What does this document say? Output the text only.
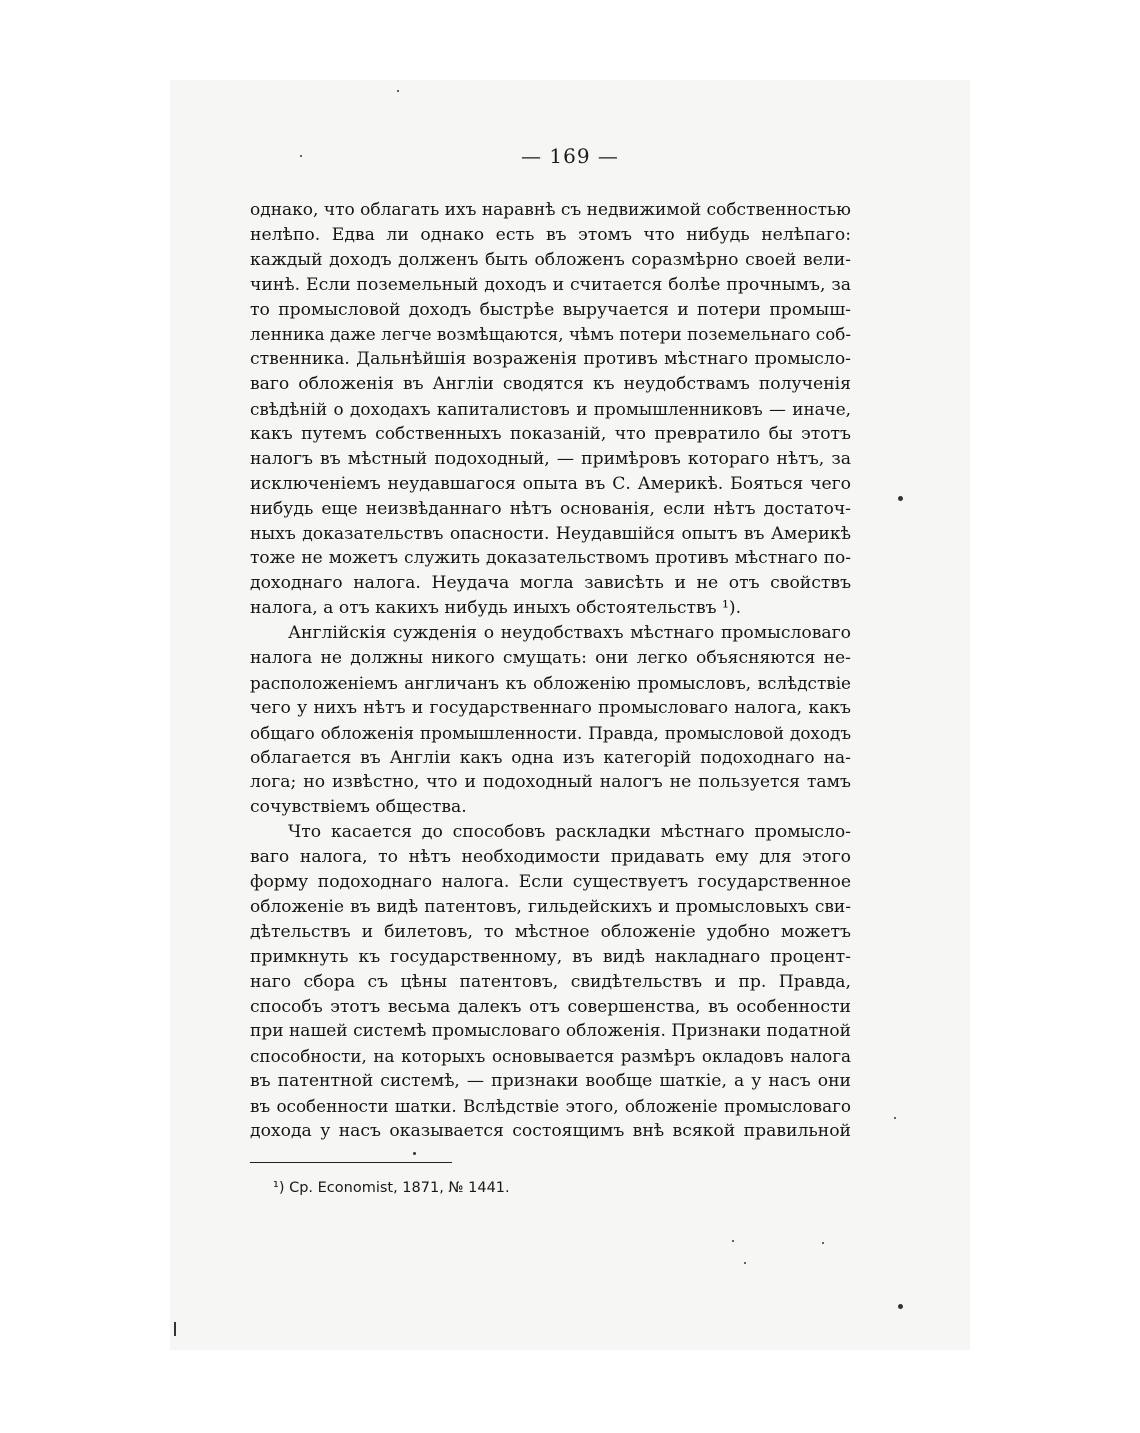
— 169 —
однако, что облагать ихъ наравнѣ съ недвижимой собственностью
нелѣпо. Едва ли однако есть въ этомъ что нибудь нелѣпаго:
каждый доходъ долженъ быть обложенъ соразмѣрно своей вели-
чинѣ. Если поземельный доходъ и считается болѣе прочнымъ, за
то промысловой доходъ быстрѣе выручается и потери промыш-
ленника даже легче возмѣщаются, чѣмъ потери поземельнаго соб-
ственника. Дальнѣйшія возраженія противъ мѣстнаго промысло-
ваго обложенія въ Англіи сводятся къ неудобствамъ полученія
свѣдѣній о доходахъ капиталистовъ и промышленниковъ — иначе,
какъ путемъ собственныхъ показаній, что превратило бы этотъ
налогъ въ мѣстный подоходный, — примѣровъ котораго нѣтъ, за
исключеніемъ неудавшагося опыта въ С. Америкѣ. Бояться чего
нибудь еще неизвѣданнаго нѣтъ основанія, если нѣтъ достаточ-
ныхъ доказательствъ опасности. Неудавшійся опытъ въ Америкѣ
тоже не можетъ служить доказательствомъ противъ мѣстнаго по-
доходнаго налога. Неудача могла зависѣть и не отъ свойствъ
налога, а отъ какихъ нибудь иныхъ обстоятельствъ ¹).
Англійскія сужденія о неудобствахъ мѣстнаго промысловаго
налога не должны никого смущать: они легко объясняются не-
расположеніемъ англичанъ къ обложенію промысловъ, вслѣдствіе
чего у нихъ нѣтъ и государственнаго промысловаго налога, какъ
общаго обложенія промышленности. Правда, промысловой доходъ
облагается въ Англіи какъ одна изъ категорій подоходнаго на-
лога; но извѣстно, что и подоходный налогъ не пользуется тамъ
сочувствіемъ общества.
Что касается до способовъ раскладки мѣстнаго промысло-
ваго налога, то нѣтъ необходимости придавать ему для этого
форму подоходнаго налога. Если существуетъ государственное
обложеніе въ видѣ патентовъ, гильдейскихъ и промысловыхъ сви-
дѣтельствъ и билетовъ, то мѣстное обложеніе удобно можетъ
примкнуть къ государственному, въ видѣ накладнаго процент-
наго сбора съ цѣны патентовъ, свидѣтельствъ и пр. Правда,
способъ этотъ весьма далекъ отъ совершенства, въ особенности
при нашей системѣ промысловаго обложенія. Признаки податной
способности, на которыхъ основывается размѣръ окладовъ налога
въ патентной системѣ, — признаки вообще шаткіе, а у насъ они
въ особенности шатки. Вслѣдствіе этого, обложеніе промысловаго
дохода у насъ оказывается состоящимъ внѣ всякой правильной
¹) Ср. Economist, 1871, № 1441.
